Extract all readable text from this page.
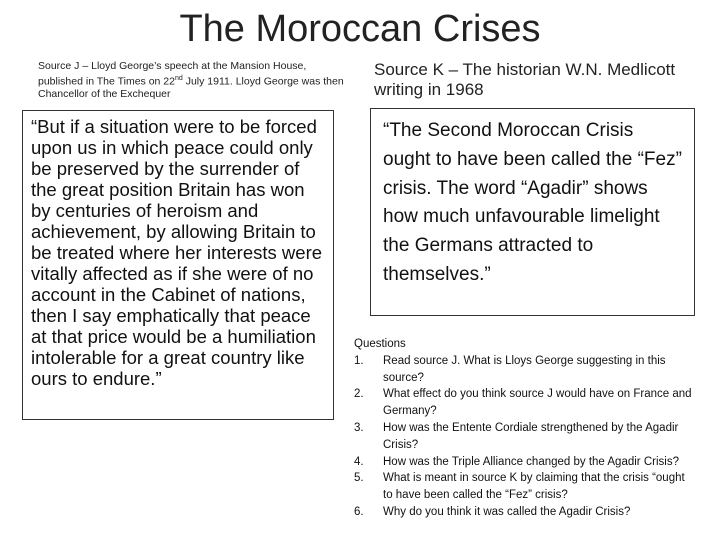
The Moroccan Crises
Source J – Lloyd George’s speech at the Mansion House, published in The Times on 22nd July 1911. Lloyd George was then Chancellor of the Exchequer
Source K – The historian W.N. Medlicott writing in 1968
“But if a situation were to be forced upon us in which peace could only be preserved by the surrender of the great position Britain has won by centuries of heroism and achievement, by allowing Britain to be treated where her interests were vitally affected as if she were of no account in the Cabinet of nations, then I say emphatically that peace at that price would be a humiliation intolerable for a great country like ours to endure.”
“The Second Moroccan Crisis ought to have been called the “Fez” crisis. The word “Agadir” shows how much unfavourable limelight the Germans attracted to themselves.”
Questions
1.	Read source J. What is Lloys George suggesting in this source?
2.	What effect do you think source J would have on France and Germany?
3.	How was the Entente Cordiale strengthened by the Agadir Crisis?
4.	How was the Triple Alliance changed by the Agadir Crisis?
5.	What is meant in source K by claiming that the crisis “ought to have been called the “Fez” crisis?
6.	Why do you think it was called the Agadir Crisis?
